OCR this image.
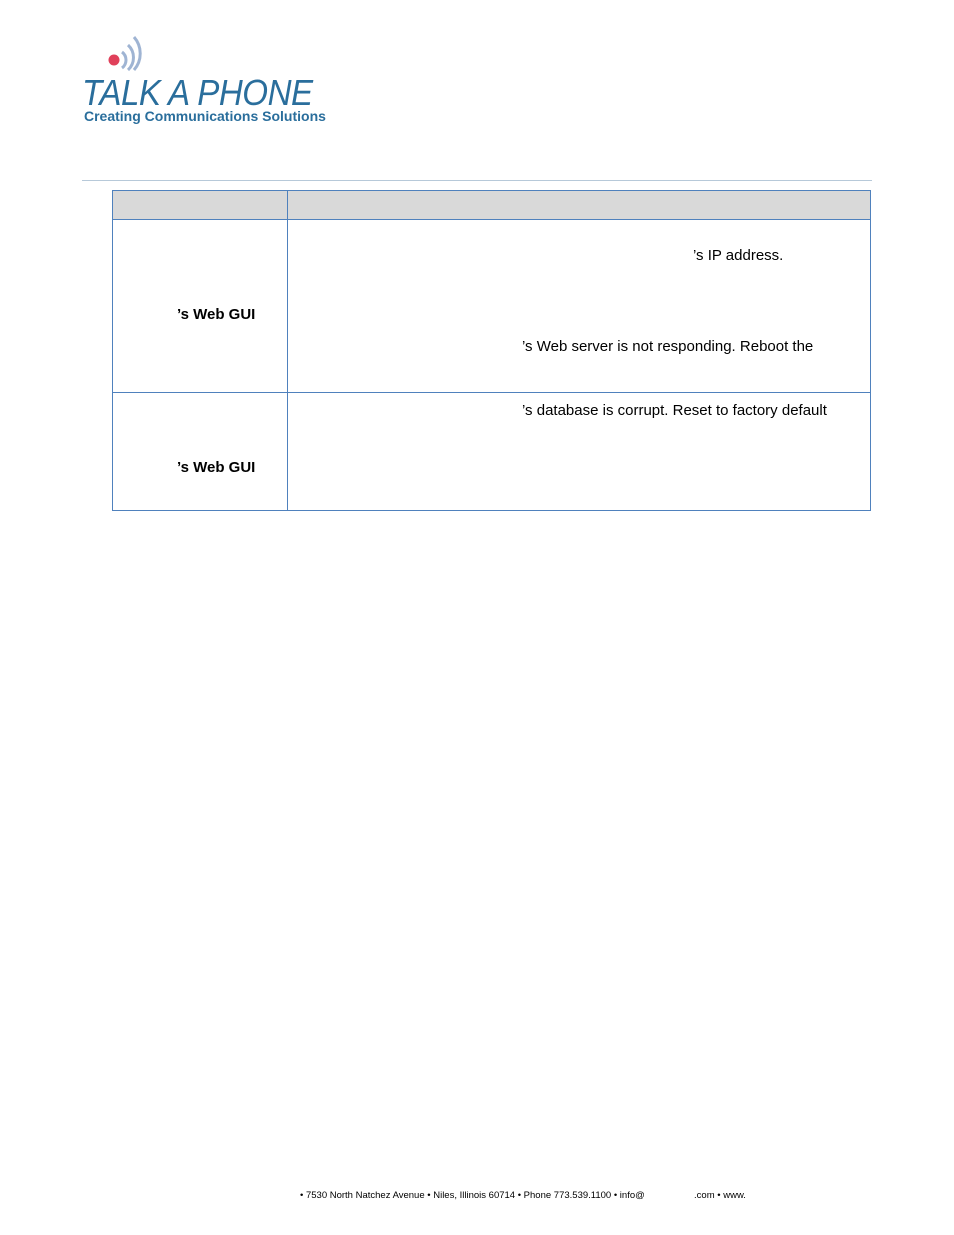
TALK A PHONE
Creating Communications Solutions

’s Web GUI	’s IP address.
’s Web server is not responding. Reboot the

’s Web GUI	’s database is corrupt. Reset to factory default
• 7530 North Natchez Avenue • Niles, Illinois 60714 • Phone 773.539.1100 • info@	.com • www.
